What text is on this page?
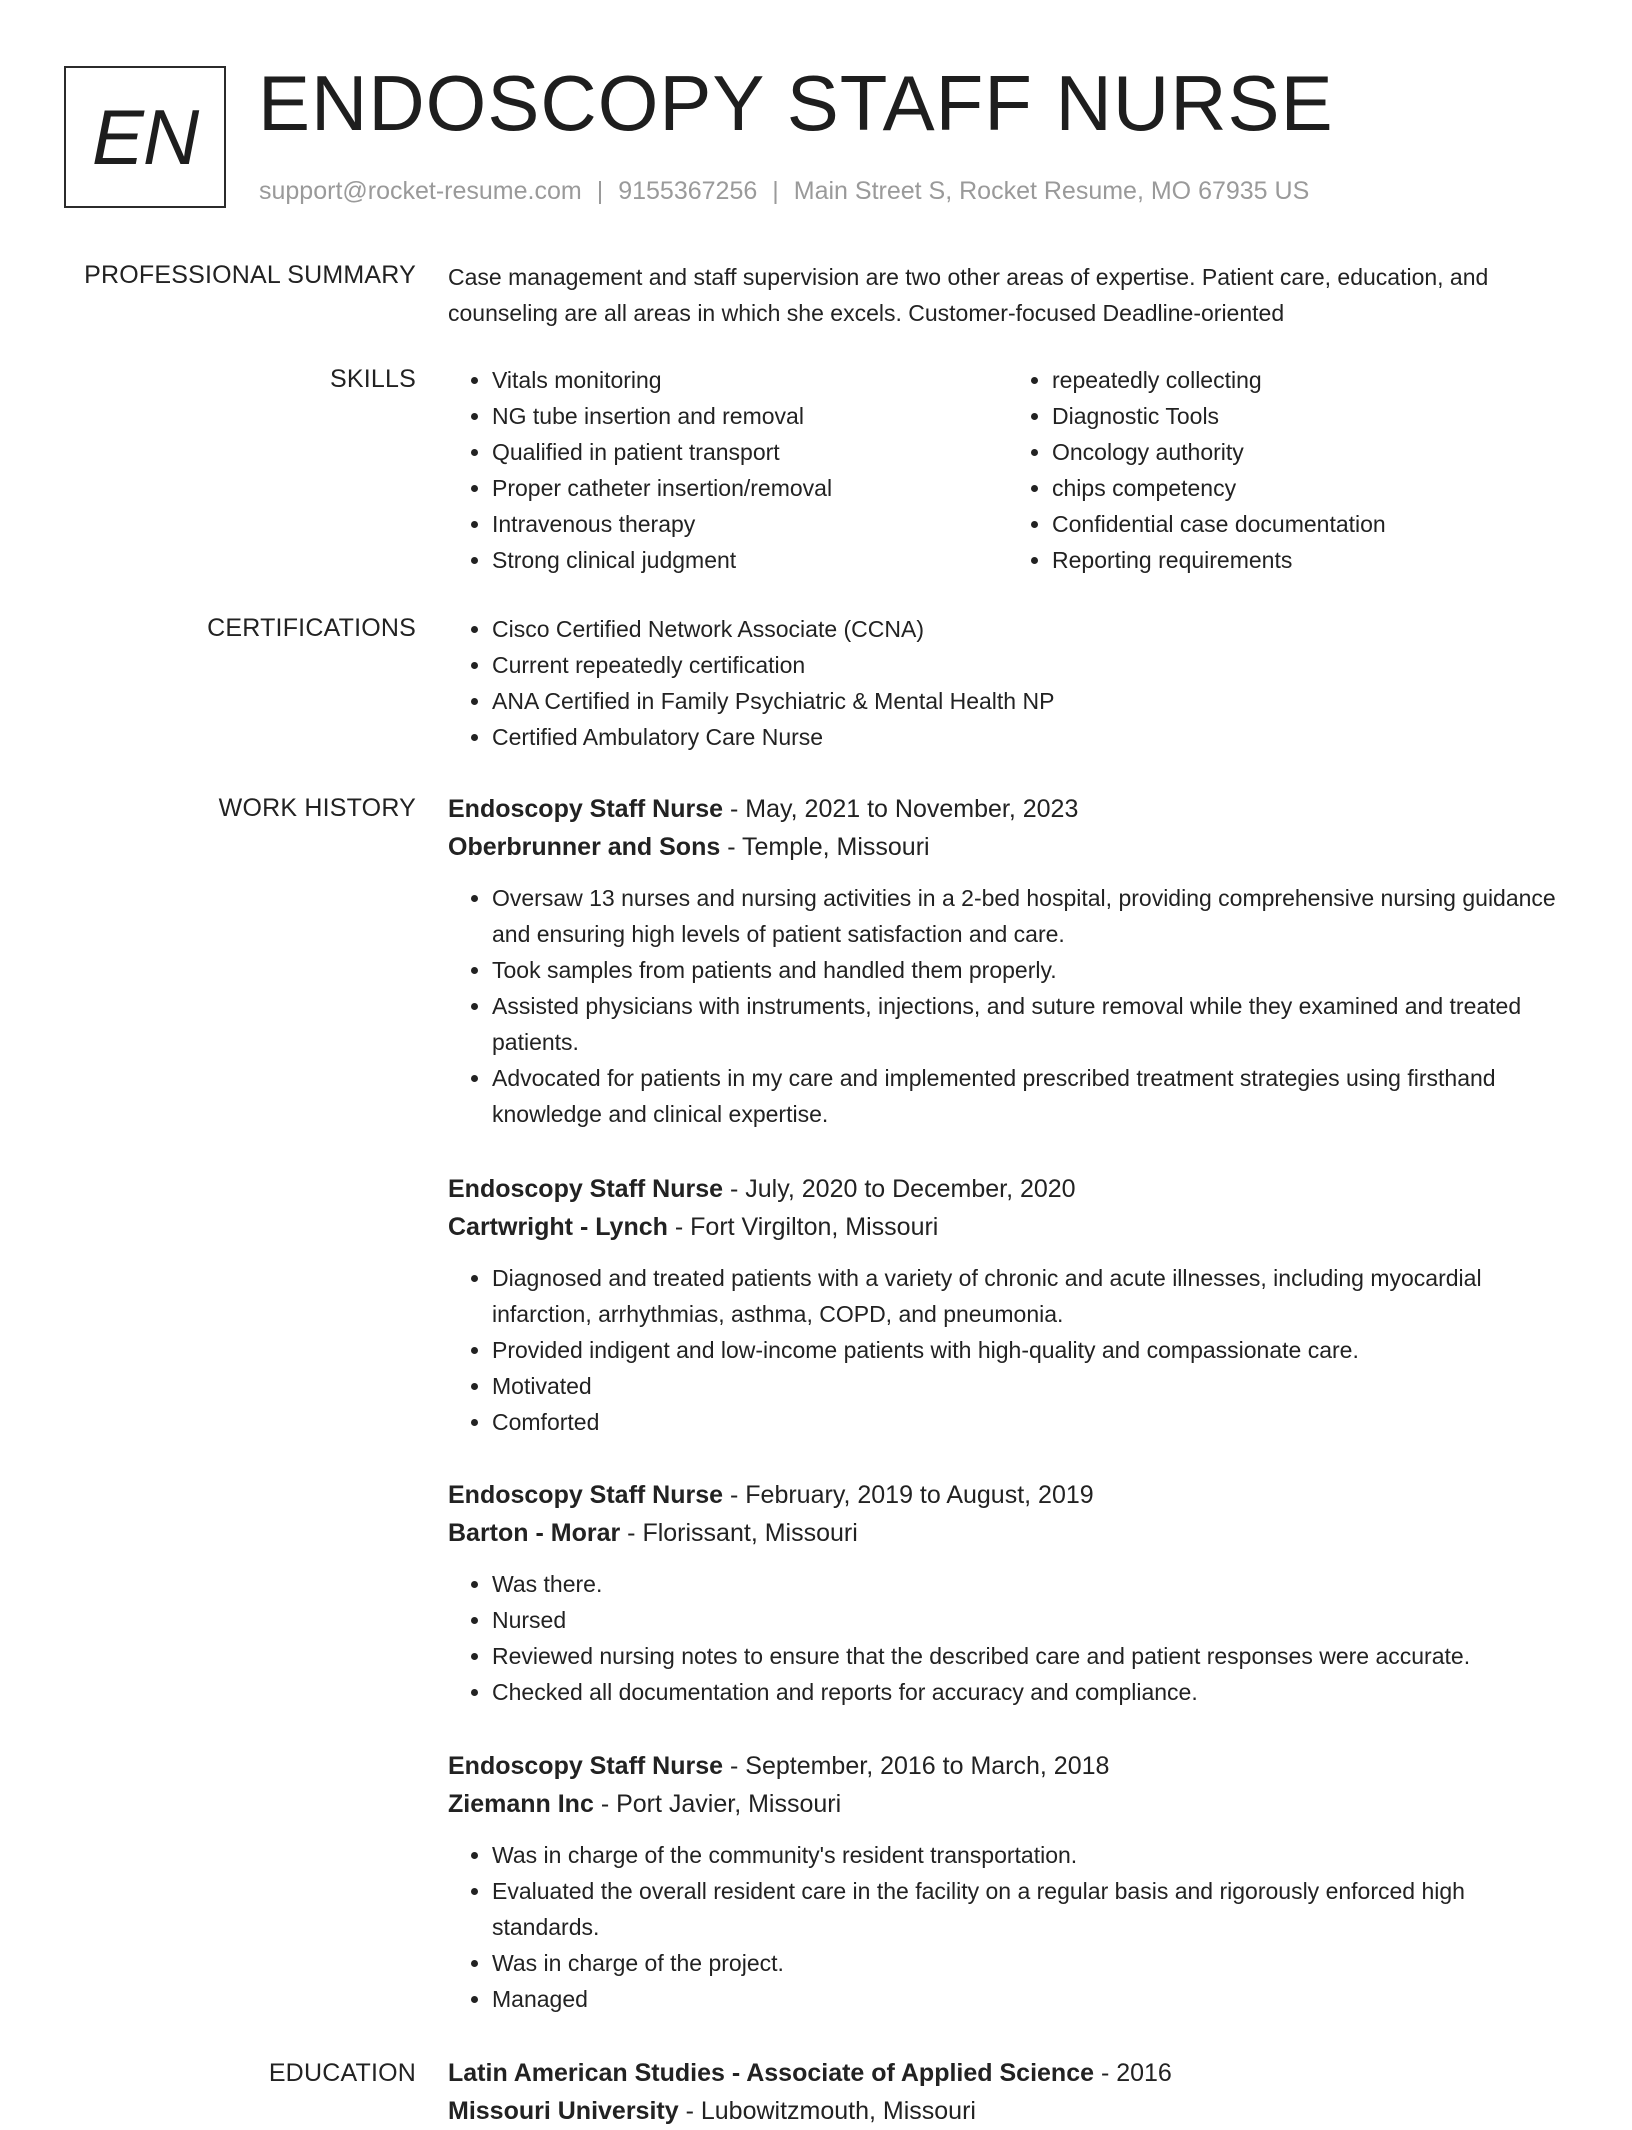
EN ENDOSCOPY STAFF NURSE
support@rocket-resume.com | 9155367256 | Main Street S, Rocket Resume, MO 67935 US
PROFESSIONAL SUMMARY Case management and staff supervision are two other areas of expertise. Patient care, education, and counseling are all areas in which she excels. Customer-focused Deadline-oriented

SKILLS	• Vitals monitoring
• NG tube insertion and removal
• Qualified in patient transport
• Proper catheter insertion/removal
• Intravenous therapy
• Strong clinical judgment
• repeatedly collecting
• Diagnostic Tools
• Oncology authority
• chips competency
• Confidential case documentation
• Reporting requirements
CERTIFICATIONS	• Cisco Certified Network Associate (CCNA)
• Current repeatedly certification
• ANA Certified in Family Psychiatric & Mental Health NP
• Certified Ambulatory Care Nurse
WORK HISTORY Endoscopy Staff Nurse - May, 2021 to November, 2023
Oberbrunner and Sons - Temple, Missouri
• Oversaw 13 nurses and nursing activities in a 2-bed hospital, providing comprehensive nursing guidance and ensuring high levels of patient satisfaction and care.
• Took samples from patients and handled them properly.
• Assisted physicians with instruments, injections, and suture removal while they examined and treated patients.
• Advocated for patients in my care and implemented prescribed treatment strategies using firsthand knowledge and clinical expertise.
Endoscopy Staff Nurse - July, 2020 to December, 2020
Cartwright - Lynch - Fort Virgilton, Missouri
• Diagnosed and treated patients with a variety of chronic and acute illnesses, including myocardial infarction, arrhythmias, asthma, COPD, and pneumonia.
• Provided indigent and low-income patients with high-quality and compassionate care.
• Motivated
• Comforted
Endoscopy Staff Nurse - February, 2019 to August, 2019
Barton - Morar - Florissant, Missouri
• Was there.
• Nursed
• Reviewed nursing notes to ensure that the described care and patient responses were accurate.
• Checked all documentation and reports for accuracy and compliance.
Endoscopy Staff Nurse - September, 2016 to March, 2018
Ziemann Inc - Port Javier, Missouri
• Was in charge of the community's resident transportation.
• Evaluated the overall resident care in the facility on a regular basis and rigorously enforced high standards.
• Was in charge of the project.
• Managed
EDUCATION Latin American Studies - Associate of Applied Science - 2016
Missouri University - Lubowitzmouth, Missouri
